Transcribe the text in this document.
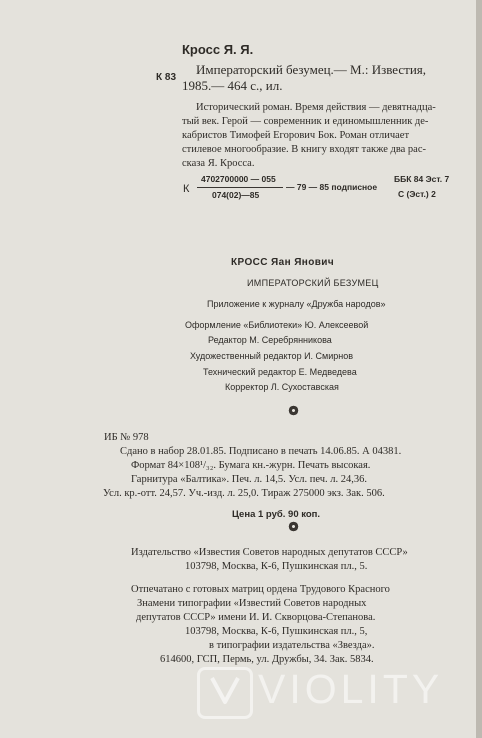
Кросс Я. Я.
К 83
Императорский безумец.— М.: Известия,
1985.— 464 с., ил.
Исторический роман. Время действия — девятнадца-
тый век. Герой — современник и единомышленник де-
кабристов Тимофей Егорович Бок. Роман отличает
стилевое многообразие. В книгу входят также два рас-
сказа Я. Кросса.
К
4702700000 — 055
074(02)—85
— 79 — 85 подписное
ББК 84 Эст. 7
С (Эст.) 2
КРОСС Яан Янович
ИМПЕРАТОРСКИЙ БЕЗУМЕЦ
Приложение к журналу «Дружба народов»
Оформление «Библиотеки» Ю. Алексеевой
Редактор М. Серебрянникова
Художественный редактор И. Смирнов
Технический редактор Е. Медведева
Корректор Л. Сухоставская
ИБ № 978
Сдано в набор 28.01.85. Подписано в печать 14.06.85. А 04381.
Формат 84×108¹/₃₂. Бумага кн.-журн. Печать высокая.
Гарнитура «Балтика». Печ. л. 14,5. Усл. печ. л. 24,36.
Усл. кр.-отт. 24,57. Уч.-изд. л. 25,0. Тираж 275000 экз. Зак. 506.
Цена 1 руб. 90 коп.
Издательство «Известия Советов народных депутатов СССР»
103798, Москва, К-6, Пушкинская пл., 5.
Отпечатано с готовых матриц ордена Трудового Красного
Знамени типографии «Известий Советов народных
депутатов СССР» имени И. И. Скворцова-Степанова.
103798, Москва, К-6, Пушкинская пл., 5,
в типографии издательства «Звезда».
614600, ГСП, Пермь, ул. Дружбы, 34. Зак. 5834.
VIOLITY
